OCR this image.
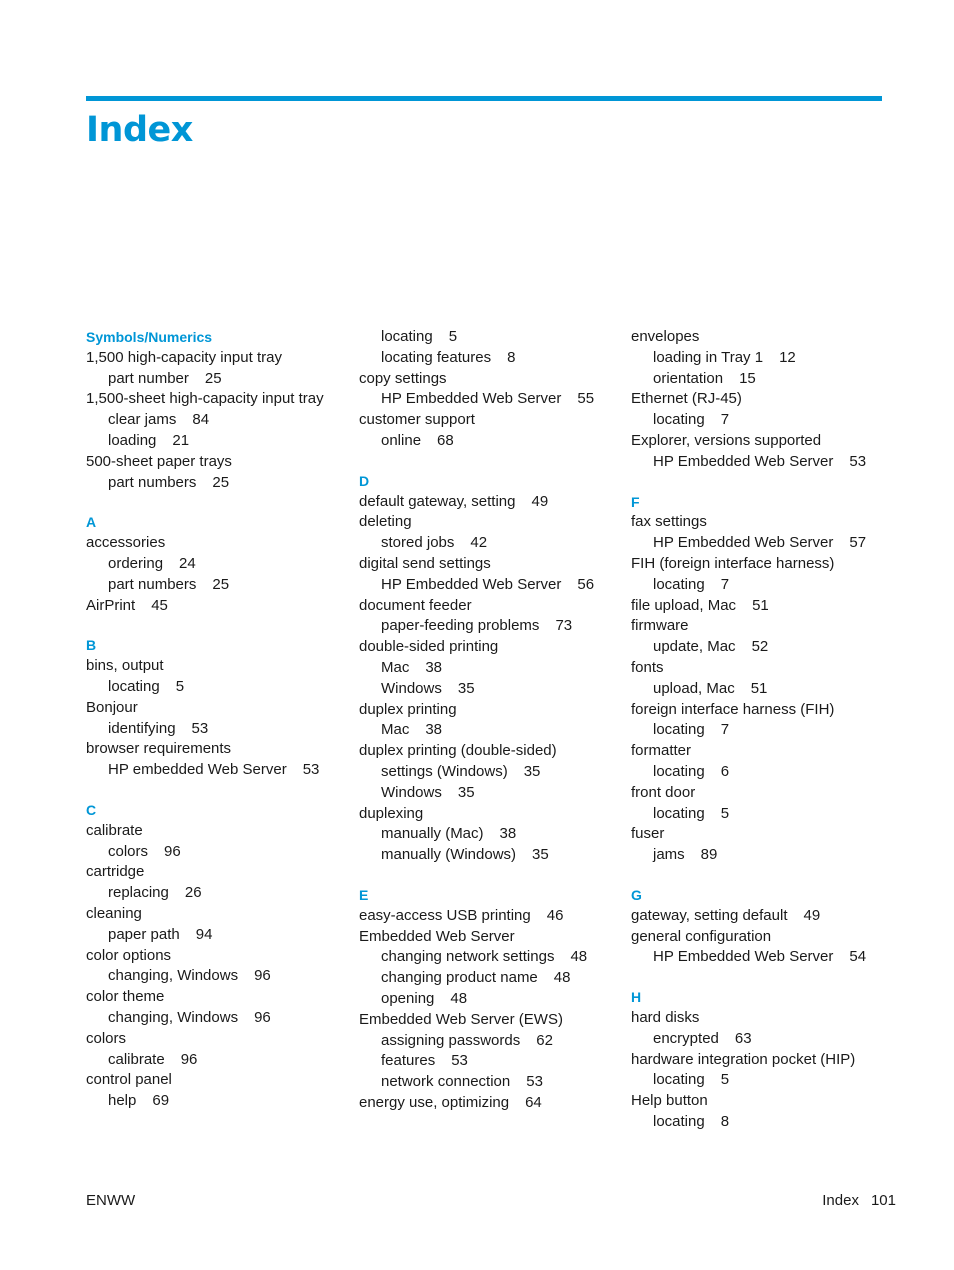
Index
Symbols/Numerics
1,500 high-capacity input tray
part number 25
1,500-sheet high-capacity input tray
clear jams 84
loading 21
500-sheet paper trays
part numbers 25
A
accessories
ordering 24
part numbers 25
AirPrint 45
B
bins, output
locating 5
Bonjour
identifying 53
browser requirements
HP embedded Web Server 53
C
calibrate
colors 96
cartridge
replacing 26
cleaning
paper path 94
color options
changing, Windows 96
color theme
changing, Windows 96
colors
calibrate 96
control panel
help 69
locating 5
locating features 8
copy settings
HP Embedded Web Server 55
customer support
online 68
D
default gateway, setting 49
deleting
stored jobs 42
digital send settings
HP Embedded Web Server 56
document feeder
paper-feeding problems 73
double-sided printing
Mac 38
Windows 35
duplex printing
Mac 38
duplex printing (double-sided)
settings (Windows) 35
Windows 35
duplexing
manually (Mac) 38
manually (Windows) 35
E
easy-access USB printing 46
Embedded Web Server
changing network settings 48
changing product name 48
opening 48
Embedded Web Server (EWS)
assigning passwords 62
features 53
network connection 53
energy use, optimizing 64
envelopes
loading in Tray 1 12
orientation 15
Ethernet (RJ-45)
locating 7
Explorer, versions supported
HP Embedded Web Server 53
F
fax settings
HP Embedded Web Server 57
FIH (foreign interface harness)
locating 7
file upload, Mac 51
firmware
update, Mac 52
fonts
upload, Mac 51
foreign interface harness (FIH)
locating 7
formatter
locating 6
front door
locating 5
fuser
jams 89
G
gateway, setting default 49
general configuration
HP Embedded Web Server 54
H
hard disks
encrypted 63
hardware integration pocket (HIP)
locating 5
Help button
locating 8
ENWW	Index 101
